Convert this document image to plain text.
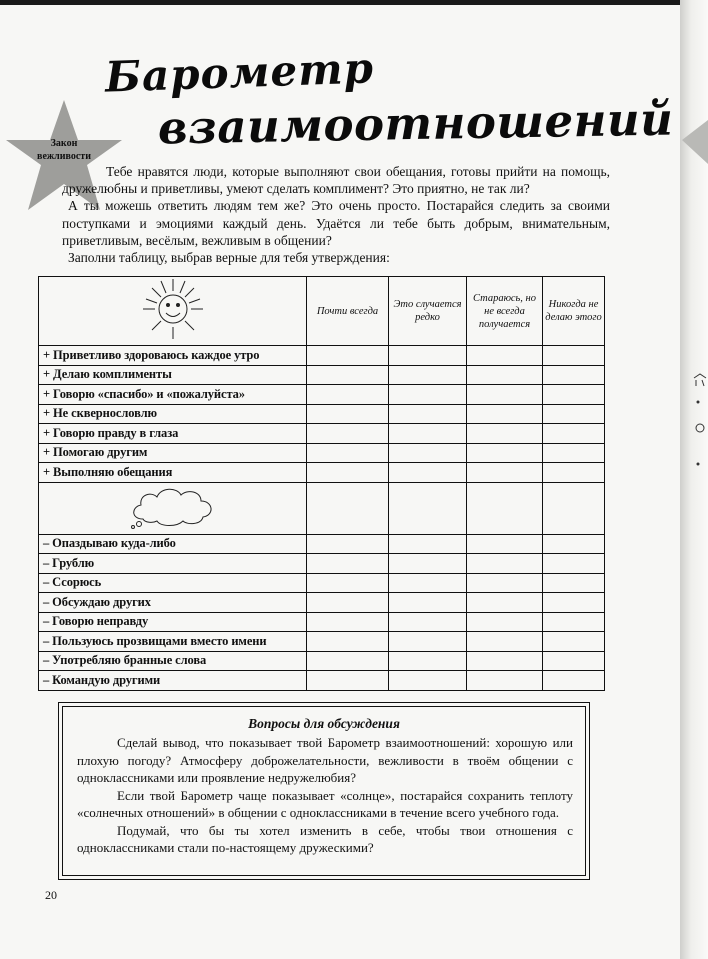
Закон
вежливости
Барометр
взаимоотношений

Тебе нравятся люди, которые выполняют свои обещания, готовы прийти на помощь, дружелюбны и приветливы, умеют сделать комплимент? Это приятно, не так ли?

А ты можешь ответить людям тем же? Это очень просто. Постарайся следить за своими поступками и эмоциями каждый день. Удаётся ли тебе быть добрым, внимательным, приветливым, весёлым, вежливым в общении?

Заполни таблицу, выбрав верные для тебя утверждения:

	Почти всегда	Это случается редко	Стараюсь, но не всегда получается	Никогда не делаю этого
+ Приветливо здороваюсь каждое утро				
+ Делаю комплименты				
+ Говорю «спасибо» и «пожалуйста»				
+ Не сквернословлю				
+ Говорю правду в глаза				
+ Помогаю другим				
+ Выполняю обещания				

– Опаздываю куда-либо				
– Грублю				
– Ссорюсь				
– Обсуждаю других				
– Говорю неправду				
– Пользуюсь прозвищами вместо имени				
– Употребляю бранные слова				
– Командую другими				
Вопросы для обсуждения

Сделай вывод, что показывает твой Барометр взаимоотношений: хорошую или плохую погоду? Атмосферу доброжелательности, вежливости в твоём общении с одноклассниками или проявление недружелюбия?

Если твой Барометр чаще показывает «солнце», постарайся сохранить теплоту «солнечных отношений» в общении с одноклассниками в течение всего учебного года.

Подумай, что бы ты хотел изменить в себе, чтобы твои отношения с одноклассниками стали по-настоящему дружескими?

20
